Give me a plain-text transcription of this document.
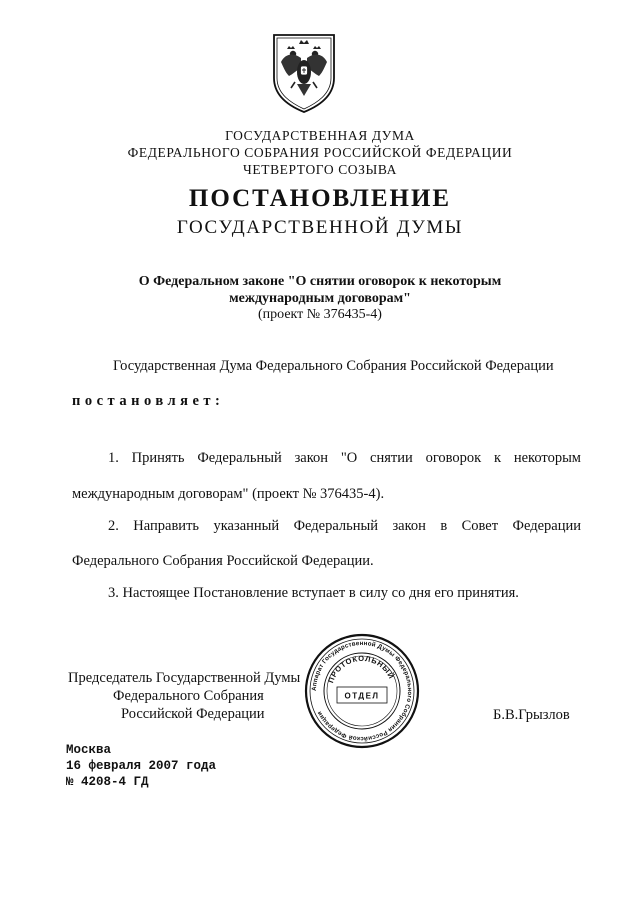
ГОСУДАРСТВЕННАЯ ДУМА
ФЕДЕРАЛЬНОГО СОБРАНИЯ РОССИЙСКОЙ ФЕДЕРАЦИИ
ЧЕТВЕРТОГО СОЗЫВА
ПОСТАНОВЛЕНИЕ
ГОСУДАРСТВЕННОЙ ДУМЫ
О Федеральном законе "О снятии оговорок к некоторым
международным договорам"
(проект № 376435-4)
Государственная Дума Федерального Собрания Российской Федерации
постановляет:
1. Принять Федеральный закон "О снятии оговорок к некоторым
международным договорам" (проект № 376435-4).
2. Направить указанный Федеральный закон в Совет Федерации
Федерального Собрания Российской Федерации.
3. Настоящее Постановление вступает в силу со дня его принятия.
Председатель Государственной Думы
Федерального Собрания
Российской Федерации	Б.В.Грызлов
Аппарат Государственной Думы Федерального Собрания Российской Федерации
ПРОТОКОЛЬНЫЙ
ОТДЕЛ
Москва
16 февраля 2007 года
№ 4208-4 ГД
